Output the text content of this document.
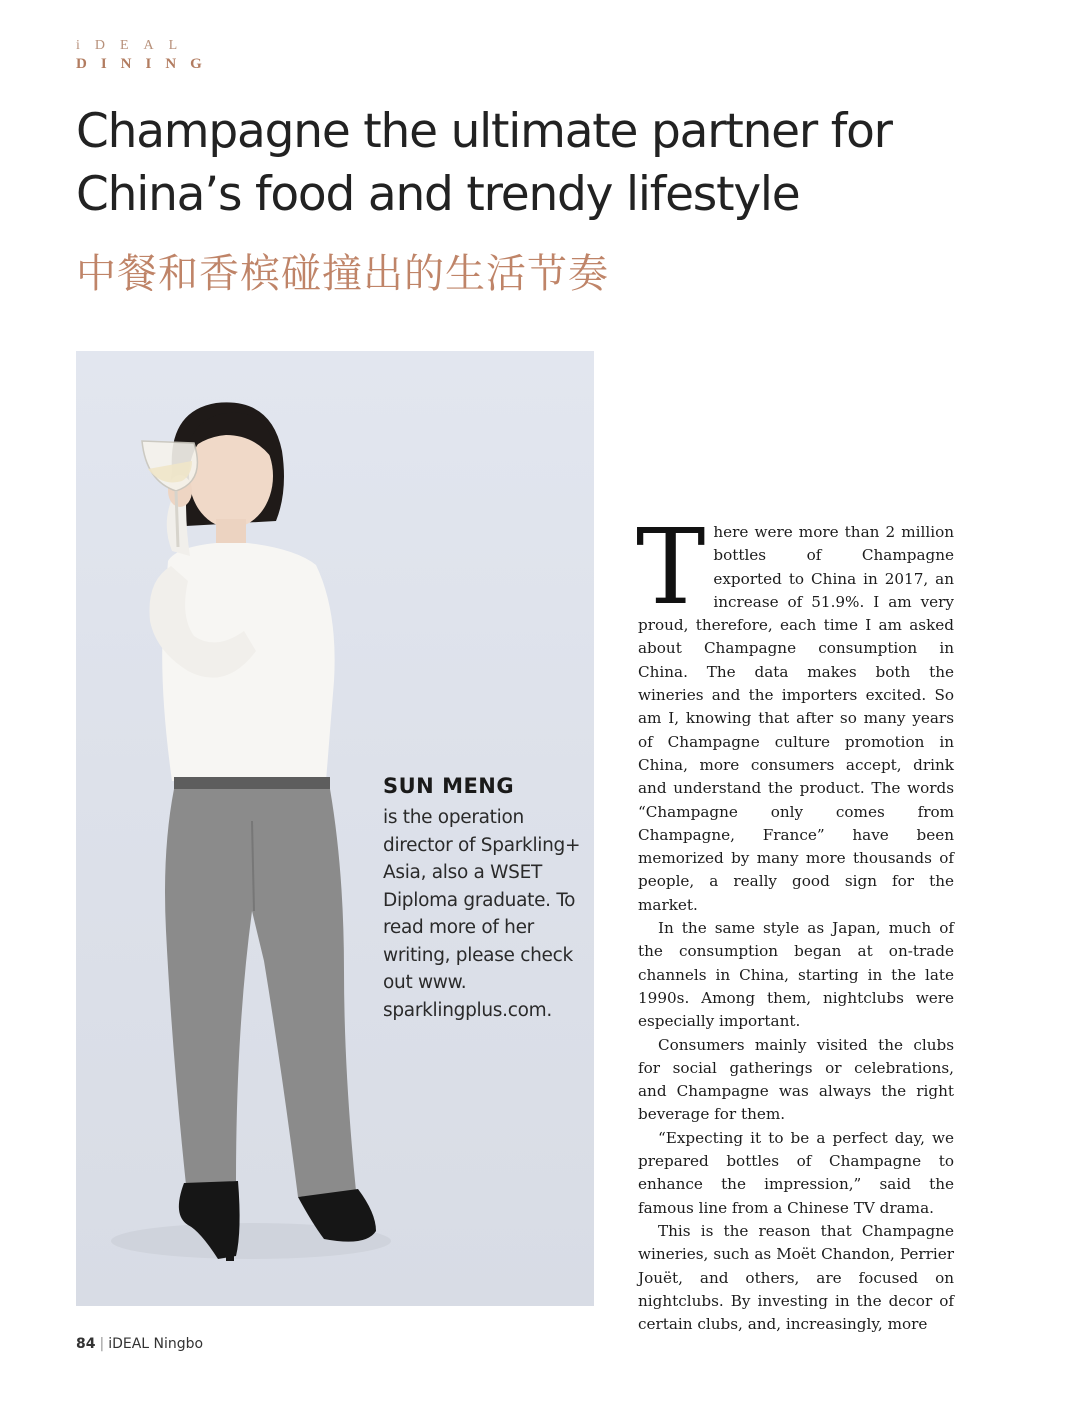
iDEAL
DINING
Champagne the ultimate partner for
China’s food and trendy lifestyle
中餐和香槟碰撞出的生活节奏

SUN MENG

is the operation director of Sparkling+ Asia, also a WSET Diploma graduate. To read more of her writing, please check out www. sparklingplus.com.

There were more than 2 million bottles of Champagne exported to China in 2017, an increase of 51.9%. I am very proud, therefore, each time I am asked about Champagne consumption in China. The data makes both the wineries and the importers excited. So am I, knowing that after so many years of Champagne culture promotion in China, more consumers accept, drink and understand the product. The words “Champagne only comes from Champagne, France” have been memorized by many more thousands of people, a really good sign for the market.

In the same style as Japan, much of the consumption began at on-trade channels in China, starting in the late 1990s. Among them, nightclubs were especially important.

Consumers mainly visited the clubs for social gatherings or celebrations, and Champagne was always the right beverage for them.

“Expecting it to be a perfect day, we prepared bottles of Champagne to enhance the impression,” said the famous line from a Chinese TV drama.

This is the reason that Champagne wineries, such as Moët Chandon, Perrier Jouët, and others, are focused on nightclubs. By investing in the decor of certain clubs, and, increasingly, more

84 | iDEAL Ningbo
